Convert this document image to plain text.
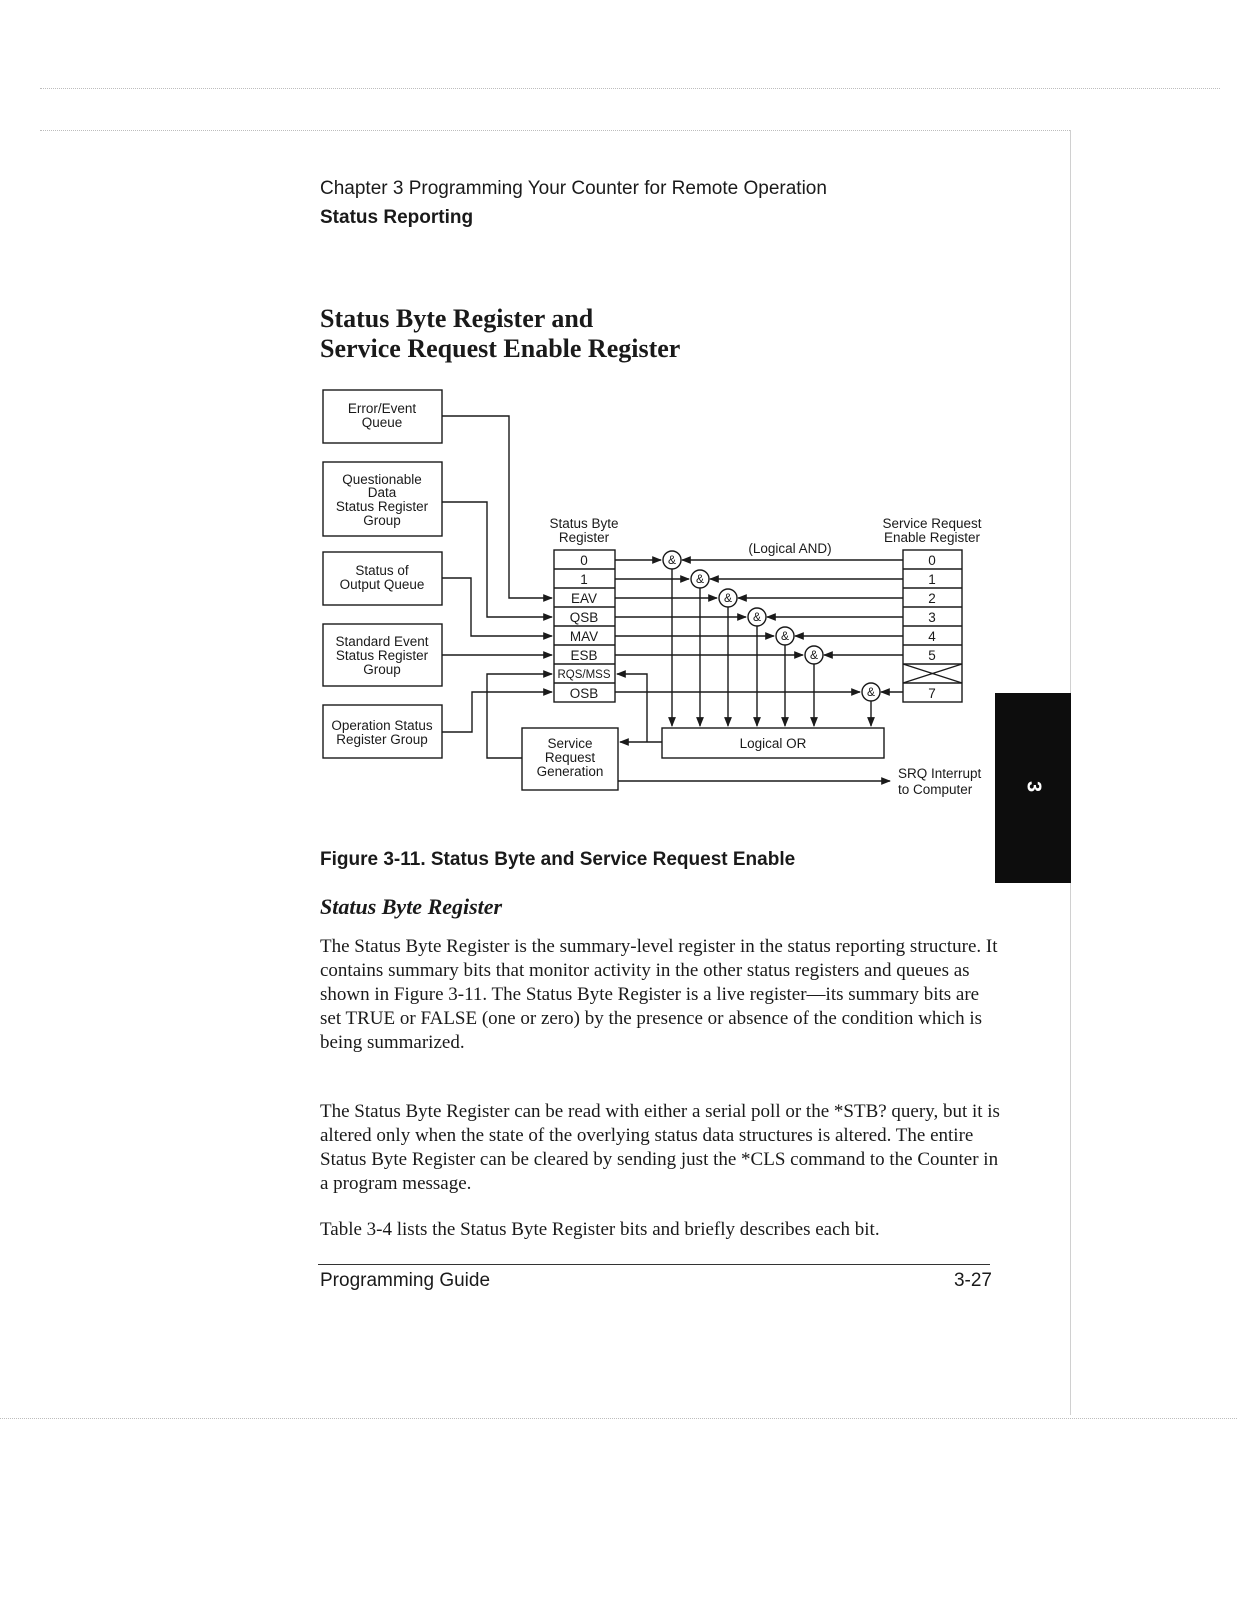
Chapter 3 Programming Your Counter for Remote Operation
Status Reporting
Status Byte Register and
Service Request Enable Register
Error/Event
Queue
Questionable
Data
Status Register
Group
Status of
Output Queue
Standard Event
Status Register
Group
Operation Status
Register Group
Status Byte
Register
0
1
EAV
QSB
MAV
ESB
RQS/MSS
OSB
(Logical AND)
Service Request
Enable Register
0
1
2
3
4
5
7
&
&
&
&
&
&
&
Logical OR
Service
Request
Generation	SRQ Interrupt
to Computer
Figure 3-11. Status Byte and Service Request Enable
Status Byte Register
The Status Byte Register is the summary-level register in the status reporting structure. It contains summary bits that monitor activity in the other status registers and queues as shown in Figure 3-11. The Status Byte Register is a live register—its summary bits are set TRUE or FALSE (one or zero) by the presence or absence of the condition which is being summarized.
The Status Byte Register can be read with either a serial poll or the *STB? query, but it is altered only when the state of the overlying status data structures is altered. The entire Status Byte Register can be cleared by sending just the *CLS command to the Counter in a program message.
Table 3-4 lists the Status Byte Register bits and briefly describes each bit.
Programming Guide	3-27
3
